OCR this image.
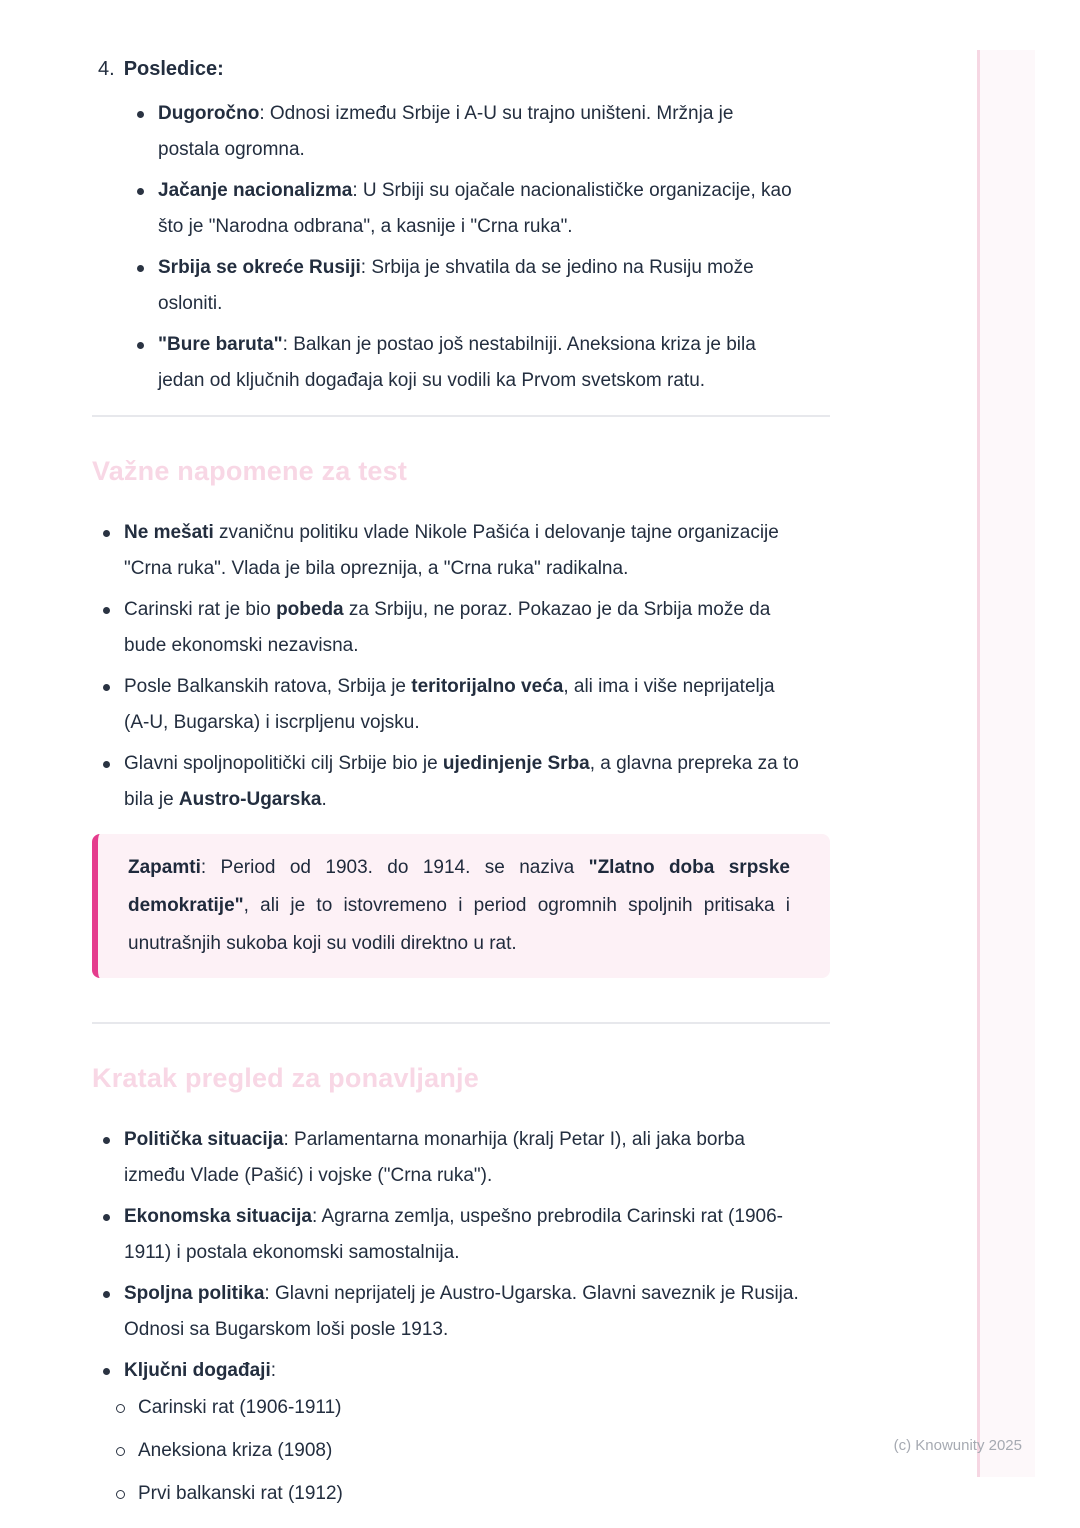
4. Posledice:

Dugoročno: Odnosi između Srbije i A-U su trajno uništeni. Mržnja je postala ogromna.

Jačanje nacionalizma: U Srbiji su ojačale nacionalističke organizacije, kao što je "Narodna odbrana", a kasnije i "Crna ruka".

Srbija se okreće Rusiji: Srbija je shvatila da se jedino na Rusiju može osloniti.

"Bure baruta": Balkan je postao još nestabilniji. Aneksiona kriza je bila jedan od ključnih događaja koji su vodili ka Prvom svetskom ratu.

Važne napomene za test

Ne mešati zvaničnu politiku vlade Nikole Pašića i delovanje tajne organizacije "Crna ruka". Vlada je bila opreznija, a "Crna ruka" radikalna.

Carinski rat je bio pobeda za Srbiju, ne poraz. Pokazao je da Srbija može da bude ekonomski nezavisna.

Posle Balkanskih ratova, Srbija je teritorijalno veća, ali ima i više neprijatelja (A-U, Bugarska) i iscrpljenu vojsku.

Glavni spoljnopolitički cilj Srbije bio je ujedinjenje Srba, a glavna prepreka za to bila je Austro-Ugarska.

Zapamti: Period od 1903. do 1914. se naziva "Zlatno doba srpske demokratije", ali je to istovremeno i period ogromnih spoljnih pritisaka i unutrašnjih sukoba koji su vodili direktno u rat.

Kratak pregled za ponavljanje

Politička situacija: Parlamentarna monarhija (kralj Petar I), ali jaka borba između Vlade (Pašić) i vojske ("Crna ruka").

Ekonomska situacija: Agrarna zemlja, uspešno prebrodila Carinski rat (1906-1911) i postala ekonomski samostalnija.

Spoljna politika: Glavni neprijatelj je Austro-Ugarska. Glavni saveznik je Rusija. Odnosi sa Bugarskom loši posle 1913.

Ključni događaji:

Carinski rat (1906-1911)

Aneksiona kriza (1908)

Prvi balkanski rat (1912)

(c) Knowunity 2025
